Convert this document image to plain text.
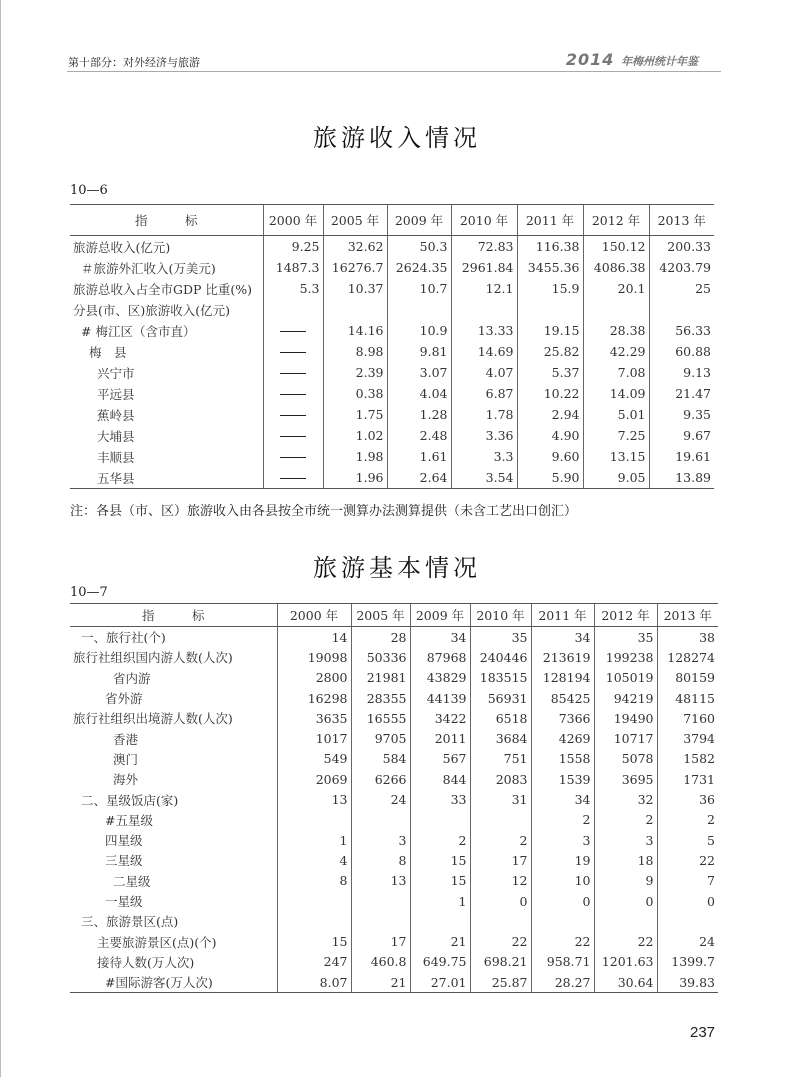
第十部分：对外经济与旅游	2014 年梅州统计年鉴
旅游收入情况
10—6
指　　　标	2000 年	2005 年	2009 年	2010 年	2011 年	2012 年	2013 年
旅游总收入(亿元)	9.25	32.62	50.3	72.83	116.38	150.12	200.33
＃旅游外汇收入(万美元)	1487.3	16276.7	2624.35	2961.84	3455.36	4086.38	4203.79
旅游总收入占全市GDP 比重(%)	5.3	10.37	10.7	12.1	15.9	20.1	25
分县(市、区)旅游收入(亿元)							
# 梅江区（含市直）		14.16	10.9	13.33	19.15	28.38	56.33
梅　县		8.98	9.81	14.69	25.82	42.29	60.88
兴宁市		2.39	3.07	4.07	5.37	7.08	9.13
平远县		0.38	4.04	6.87	10.22	14.09	21.47
蕉岭县		1.75	1.28	1.78	2.94	5.01	9.35
大埔县		1.02	2.48	3.36	4.90	7.25	9.67
丰顺县		1.98	1.61	3.3	9.60	13.15	19.61
五华县		1.96	2.64	3.54	5.90	9.05	13.89
注：各县（市、区）旅游收入由各县按全市统一测算办法测算提供（未含工艺出口创汇）
旅游基本情况
10—7
指　　　标	2000 年	2005 年	2009 年	2010 年	2011 年	2012 年	2013 年
一、旅行社(个)	14	28	34	35	34	35	38
旅行社组织国内游人数(人次)	19098	50336	87968	240446	213619	199238	128274
省内游	2800	21981	43829	183515	128194	105019	80159
省外游	16298	28355	44139	56931	85425	94219	48115
旅行社组织出境游人数(人次)	3635	16555	3422	6518	7366	19490	7160
香港	1017	9705	2011	3684	4269	10717	3794
澳门	549	584	567	751	1558	5078	1582
海外	2069	6266	844	2083	1539	3695	1731
二、星级饭店(家)	13	24	33	31	34	32	36
#五星级					2	2	2
四星级	1	3	2	2	3	3	5
三星级	4	8	15	17	19	18	22
二星级	8	13	15	12	10	9	7
一星级			1	0	0	0	0
三、旅游景区(点)							
主要旅游景区(点)(个)	15	17	21	22	22	22	24
接待人数(万人次)	247	460.8	649.75	698.21	958.71	1201.63	1399.7
#国际游客(万人次)	8.07	21	27.01	25.87	28.27	30.64	39.83
237
